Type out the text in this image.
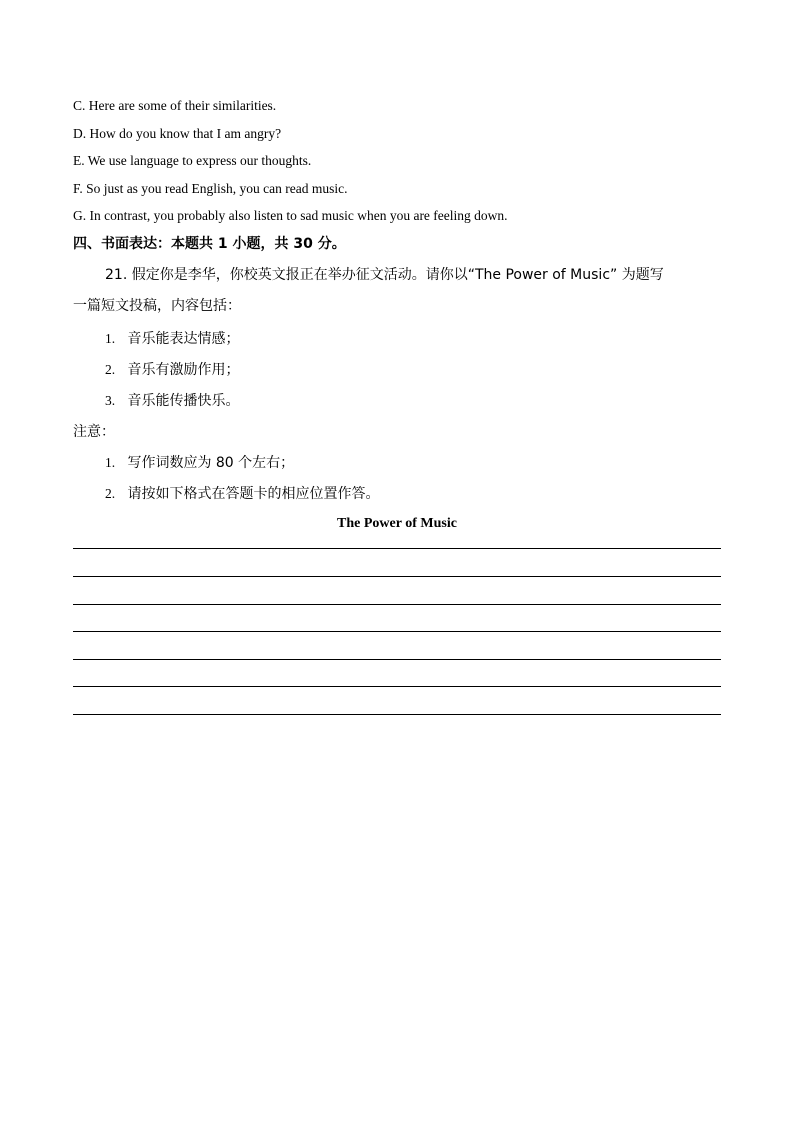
C. Here are some of their similarities.
D. How do you know that I am angry?
E. We use language to express our thoughts.
F. So just as you read English, you can read music.
G. In contrast, you probably also listen to sad music when you are feeling down.
四、书面表达：本题共 1 小题，共 30 分。
21. 假定你是李华，你校英文报正在举办征文活动。请你以“The Power of Music” 为题写
一篇短文投稿，内容包括：
1. 音乐能表达情感；
2. 音乐有激励作用；
3. 音乐能传播快乐。
注意：
1. 写作词数应为 80 个左右；
2. 请按如下格式在答题卡的相应位置作答。
The Power of Music
